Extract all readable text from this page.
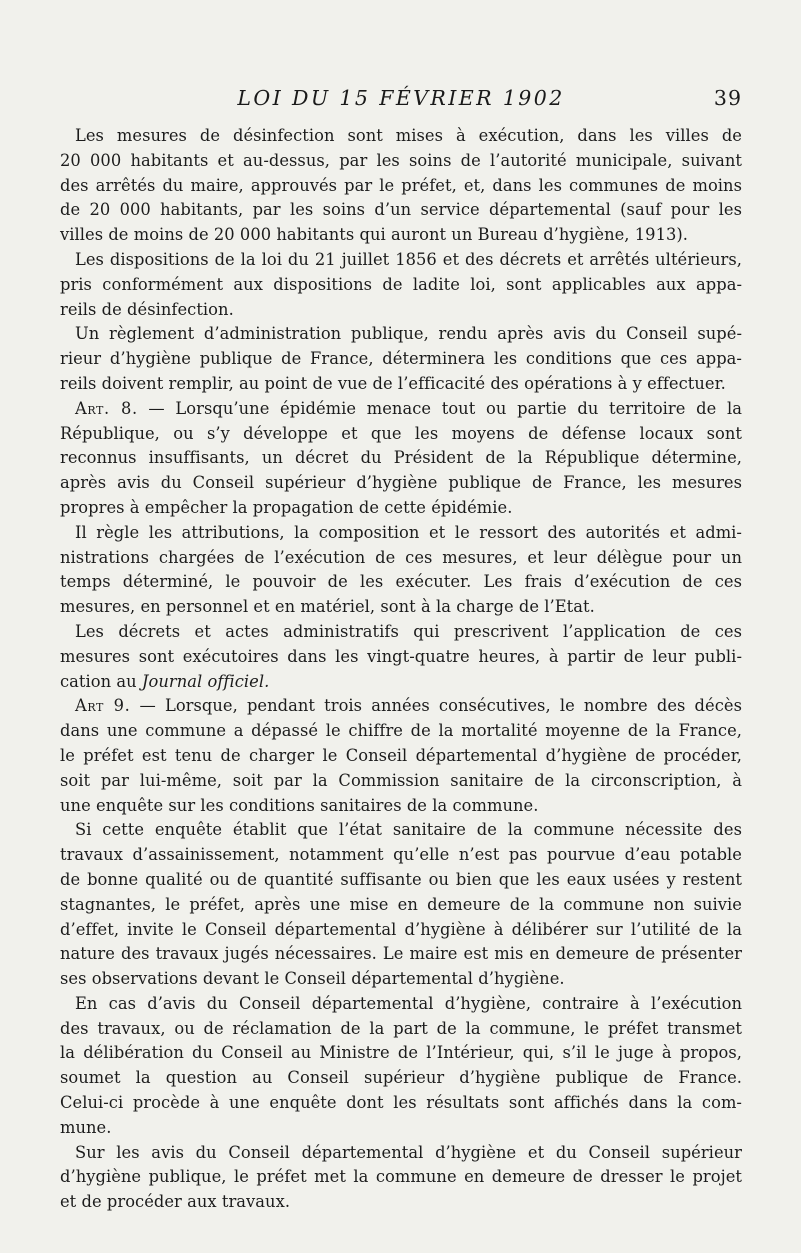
LOI DU 15 FÉVRIER 1902	39
Les mesures de désinfection sont mises à exécution, dans les villes de
20 000 habitants et au-dessus, par les soins de l’autorité municipale, suivant
des arrêtés du maire, approuvés par le préfet, et, dans les communes de moins
de 20 000 habitants, par les soins d’un service départemental (sauf pour les
villes de moins de 20 000 habitants qui auront un Bureau d’hygiène, 1913).
Les dispositions de la loi du 21 juillet 1856 et des décrets et arrêtés ultérieurs,
pris conformément aux dispositions de ladite loi, sont applicables aux appa-
reils de désinfection.
Un règlement d’administration publique, rendu après avis du Conseil supé-
rieur d’hygiène publique de France, déterminera les conditions que ces appa-
reils doivent remplir, au point de vue de l’efficacité des opérations à y effectuer.
Art. 8. — Lorsqu’une épidémie menace tout ou partie du territoire de la
République, ou s’y développe et que les moyens de défense locaux sont
reconnus insuffisants, un décret du Président de la République détermine,
après avis du Conseil supérieur d’hygiène publique de France, les mesures
propres à empêcher la propagation de cette épidémie.
Il règle les attributions, la composition et le ressort des autorités et admi-
nistrations chargées de l’exécution de ces mesures, et leur délègue pour un
temps déterminé, le pouvoir de les exécuter. Les frais d’exécution de ces
mesures, en personnel et en matériel, sont à la charge de l’Etat.
Les décrets et actes administratifs qui prescrivent l’application de ces
mesures sont exécutoires dans les vingt-quatre heures, à partir de leur publi-
cation au Journal officiel.
Art 9. — Lorsque, pendant trois années consécutives, le nombre des décès
dans une commune a dépassé le chiffre de la mortalité moyenne de la France,
le préfet est tenu de charger le Conseil départemental d’hygiène de procéder,
soit par lui-même, soit par la Commission sanitaire de la circonscription, à
une enquête sur les conditions sanitaires de la commune.
Si cette enquête établit que l’état sanitaire de la commune nécessite des
travaux d’assainissement, notamment qu’elle n’est pas pourvue d’eau potable
de bonne qualité ou de quantité suffisante ou bien que les eaux usées y restent
stagnantes, le préfet, après une mise en demeure de la commune non suivie
d’effet, invite le Conseil départemental d’hygiène à délibérer sur l’utilité de la
nature des travaux jugés nécessaires. Le maire est mis en demeure de présenter
ses observations devant le Conseil départemental d’hygiène.
En cas d’avis du Conseil départemental d’hygiène, contraire à l’exécution
des travaux, ou de réclamation de la part de la commune, le préfet transmet
la délibération du Conseil au Ministre de l’Intérieur, qui, s’il le juge à propos,
soumet la question au Conseil supérieur d’hygiène publique de France.
Celui-ci procède à une enquête dont les résultats sont affichés dans la com-
mune.
Sur les avis du Conseil départemental d’hygiène et du Conseil supérieur
d’hygiène publique, le préfet met la commune en demeure de dresser le projet
et de procéder aux travaux.
